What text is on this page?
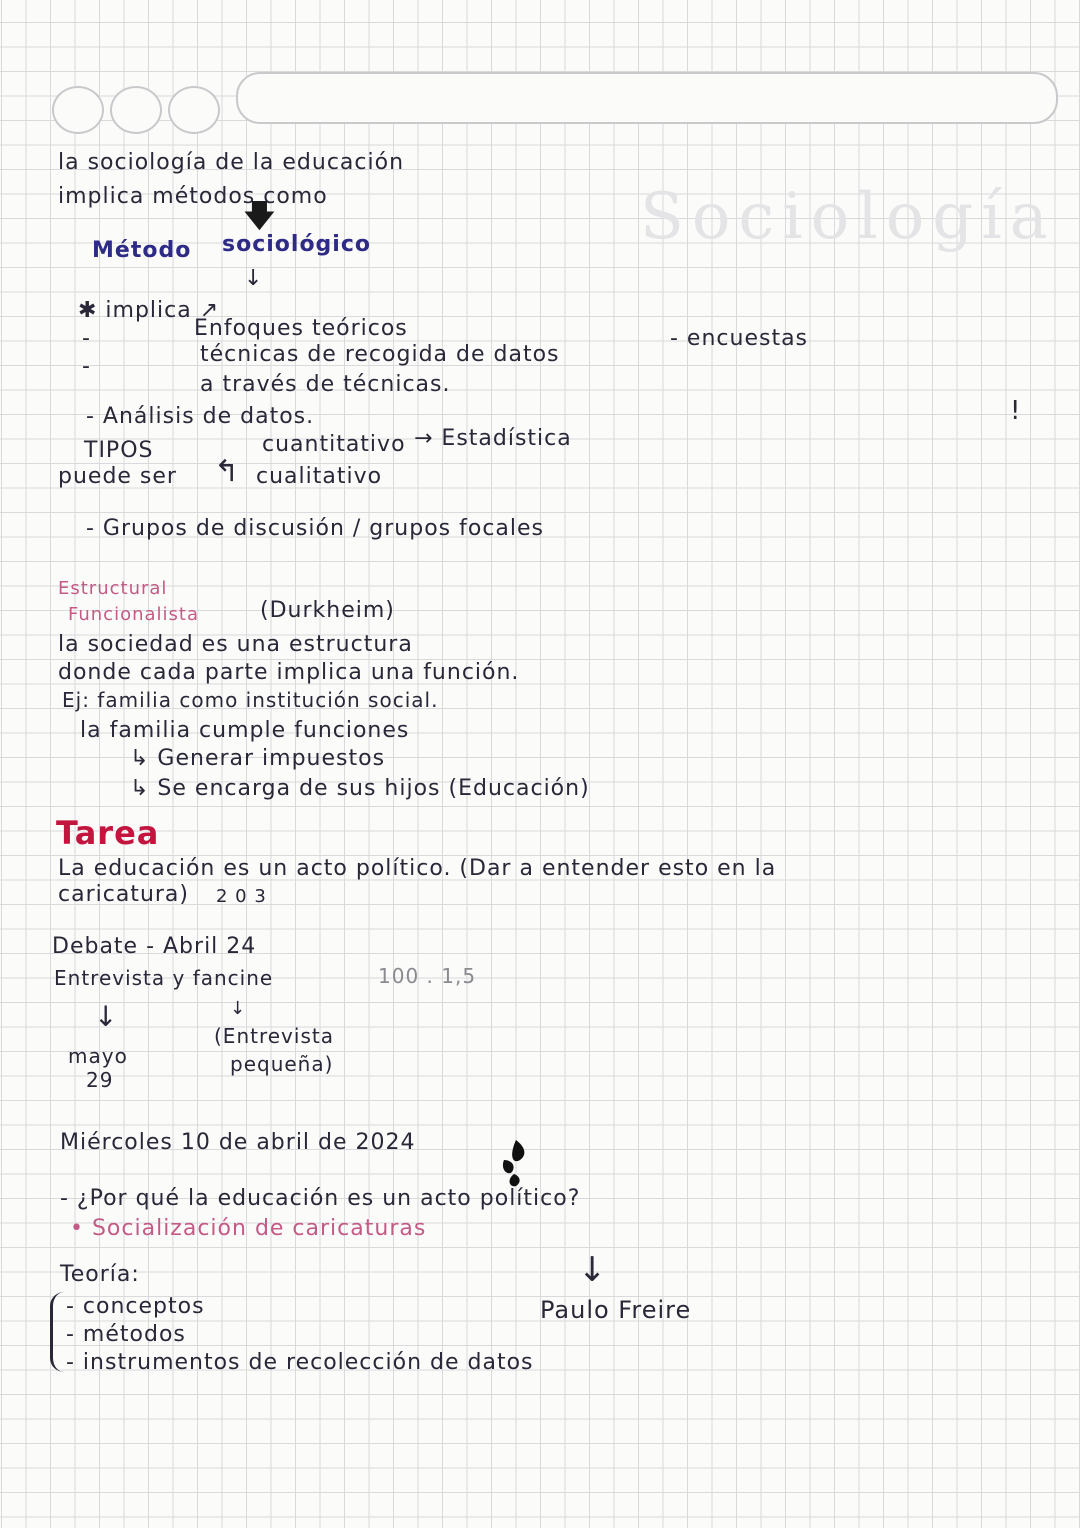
Sociología
la sociología de la educación
implica métodos como
🡇
Método sociológico
↓
✱ implica ↗
-
-
Enfoques teóricos
técnicas de recogida de datos
a través de técnicas.
- encuestas
!
- Análisis de datos.
TIPOS
puede ser
cuantitativo → Estadística
↰ cualitativo
- Grupos de discusión / grupos focales
Estructural
Funcionalista	(Durkheim)
la sociedad es una estructura
donde cada parte implica una función.
Ej: familia como institución social.
la familia cumple funciones
↳ Generar impuestos
↳ Se encarga de sus hijos (Educación)
Tarea
La educación es un acto político. (Dar a entender esto en la
caricatura) 2 0 3
Debate - Abril 24
Entrevista y fancine	100 . 1,5
↓	↓
mayo
29
(Entrevista
pequeña)
Miércoles 10 de abril de 2024
- ¿Por qué la educación es un acto político?
• Socialización de caricaturas
↓
Teoría:
- conceptos
- métodos
- instrumentos de recolección de datos
Paulo Freire
